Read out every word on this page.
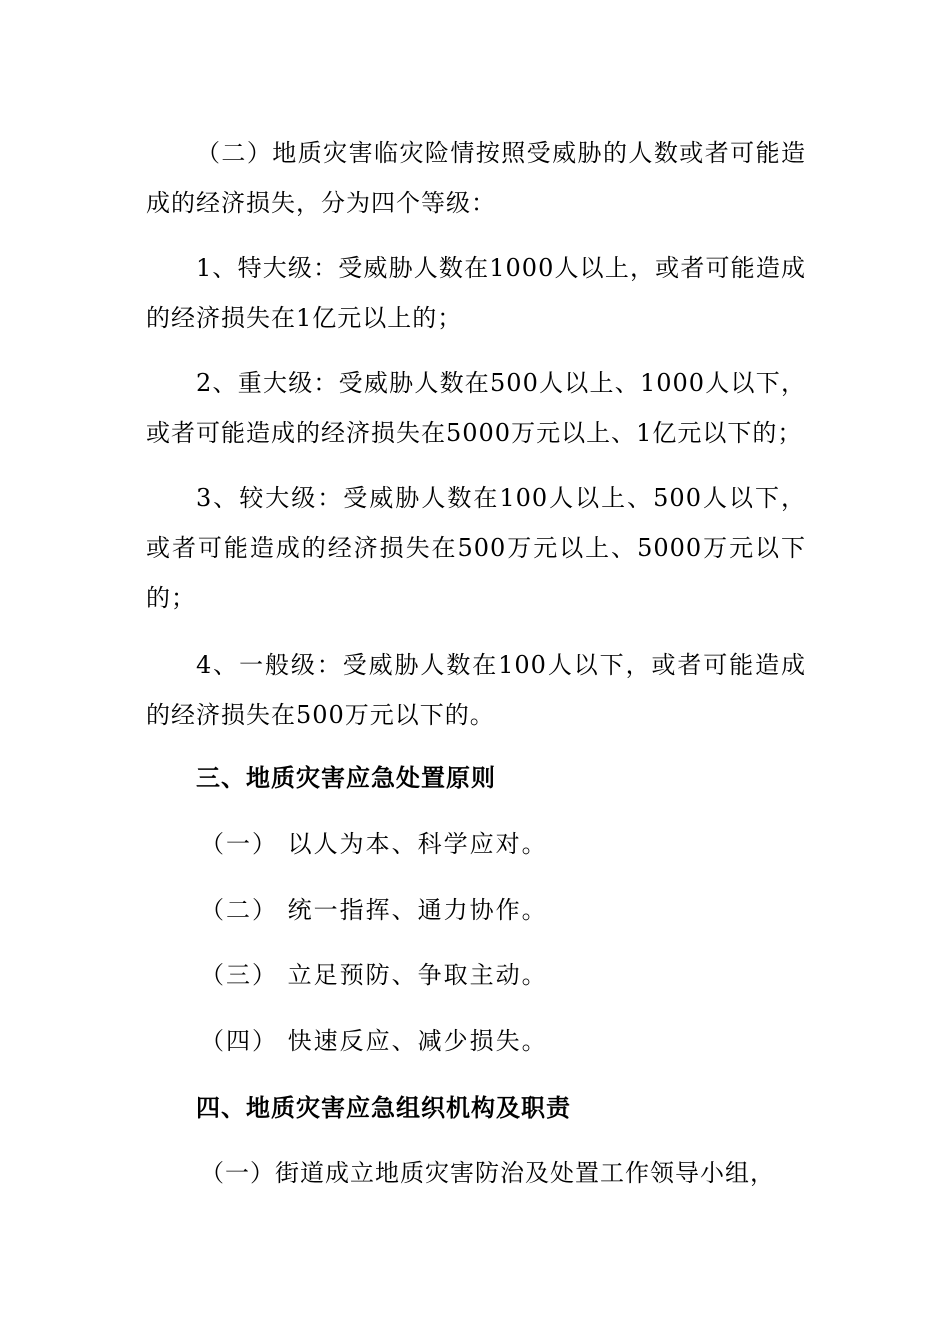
（二）地质灾害临灾险情按照受威胁的人数或者可能造成的经济损失，分为四个等级：

1、特大级：受威胁人数在1000人以上，或者可能造成的经济损失在1亿元以上的；

2、重大级：受威胁人数在500人以上、1000人以下，或者可能造成的经济损失在5000万元以上、1亿元以下的；

3、较大级：受威胁人数在100人以上、500人以下，或者可能造成的经济损失在500万元以上、5000万元以下的；

4、一般级：受威胁人数在100人以下，或者可能造成的经济损失在500万元以下的。

三、地质灾害应急处置原则

（一） 以人为本、科学应对。

（二） 统一指挥、通力协作。

（三） 立足预防、争取主动。

（四） 快速反应、减少损失。

四、地质灾害应急组织机构及职责

（一）街道成立地质灾害防治及处置工作领导小组，
